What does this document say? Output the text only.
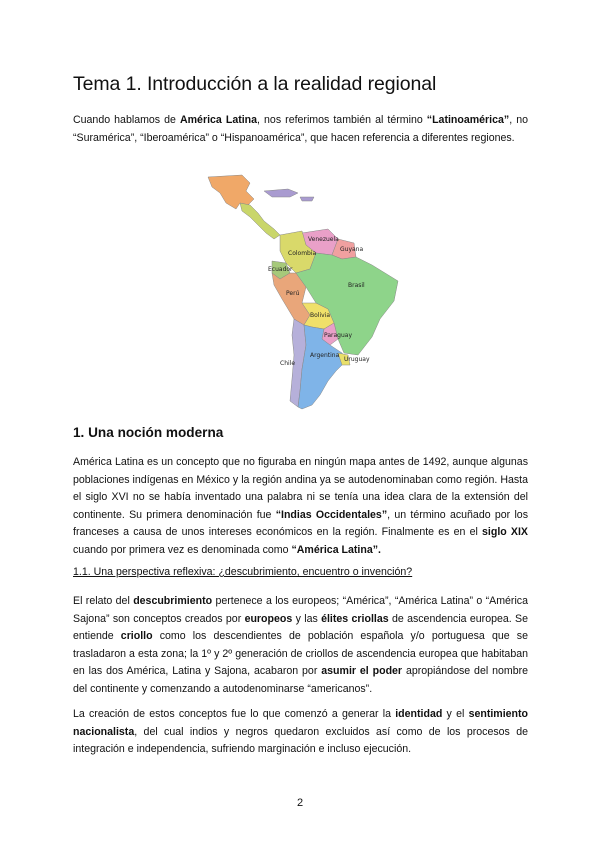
Tema 1. Introducción a la realidad regional

Cuando hablamos de América Latina, nos referimos también al término “Latinoamérica”, no “Suramérica”, “Iberoamérica” o “Hispanoamérica”, que hacen referencia a diferentes regiones.

Venezuela
Colombia
Guyana
Ecuador
Perú
Brasil
Bolivia
Paraguay
Chile
Argentina
Uruguay
1. Una noción moderna

América Latina es un concepto que no figuraba en ningún mapa antes de 1492, aunque algunas poblaciones indígenas en México y la región andina ya se autodenominaban como región. Hasta el siglo XVI no se había inventado una palabra ni se tenía una idea clara de la extensión del continente. Su primera denominación fue “Indias Occidentales”, un término acuñado por los franceses a causa de unos intereses económicos en la región. Finalmente es en el siglo XIX cuando por primera vez es denominada como “América Latina”.

1.1. Una perspectiva reflexiva: ¿descubrimiento, encuentro o invención?

El relato del descubrimiento pertenece a los europeos; “América”, “América Latina” o “América Sajona” son conceptos creados por europeos y las élites criollas de ascendencia europea. Se entiende criollo como los descendientes de población española y/o portuguesa que se trasladaron a esta zona; la 1º y 2º generación de criollos de ascendencia europea que habitaban en las dos América, Latina y Sajona, acabaron por asumir el poder apropiándose del nombre del continente y comenzando a autodenominarse “americanos”.

La creación de estos conceptos fue lo que comenzó a generar la identidad y el sentimiento nacionalista, del cual indios y negros quedaron excluidos así como de los procesos de integración e independencia, sufriendo marginación e incluso ejecución.

2
